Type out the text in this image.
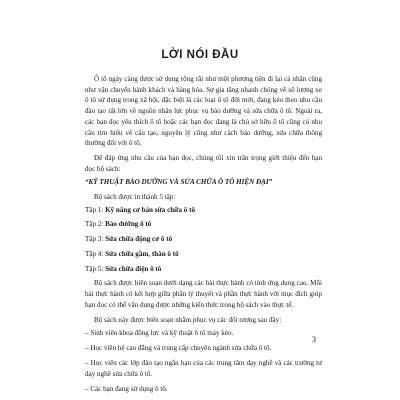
LỜI NÓI ĐẦU

Ô tô ngày càng được sử dụng rộng rãi như một phương tiện đi lại cá nhân cũng như vận chuyển hành khách và hàng hóa. Sự gia tăng nhanh chóng về số lượng xe ô tô sử dụng trong xã hội, đặc biệt là các loại ô tô đời mới, đang kéo theo nhu cầu đào tạo rất lớn về nguồn nhân lực phục vụ bảo dưỡng và sửa chữa ô tô. Ngoài ra, các bạn đọc yêu thích ô tô hoặc các bạn đọc đang là chủ sở hữu ô tô cũng có nhu cầu tìm hiểu về cấu tạo, nguyên lý cũng như cách bảo dưỡng, sửa chữa thông thường đối với ô tô.

Để đáp ứng nhu cầu của bạn đọc, chúng tôi xin trân trọng giới thiệu đến bạn đọc bộ sách:

“KỸ THUẬT BẢO DƯỠNG VÀ SỬA CHỮA Ô TÔ HIỆN ĐẠI”

Bộ sách được in thành 5 tập:

Tập 1: Kỹ năng cơ bản sửa chữa ô tô

Tập 2: Bảo dưỡng ô tô

Tập 3: Sửa chữa động cơ ô tô

Tập 4: Sửa chữa gầm, thân ô tô

Tập 5: Sửa chữa điện ô tô

Bộ sách được biên soạn dưới dạng các bài thực hành có tính ứng dụng cao. Mỗi bài thực hành có kết hợp giữa phần lý thuyết và phần thực hành với mục đích giúp bạn đọc có thể vận dụng được những kiến thức trong bộ sách vào thực tế.

Bộ sách này được biên soạn nhằm phục vụ các đối tượng sau đây:

– Sinh viên khoa động lực và kỹ thuật ô tô máy kéo.

– Học viên hệ cao đẳng và trung cấp chuyên ngành sửa chữa ô tô.

– Học viên các lớp đào tạo ngắn hạn của các trung tâm dạy nghề và các trường tư dạy nghề sửa chữa ô tô.

– Các bạn đang sử dụng ô tô.

3
